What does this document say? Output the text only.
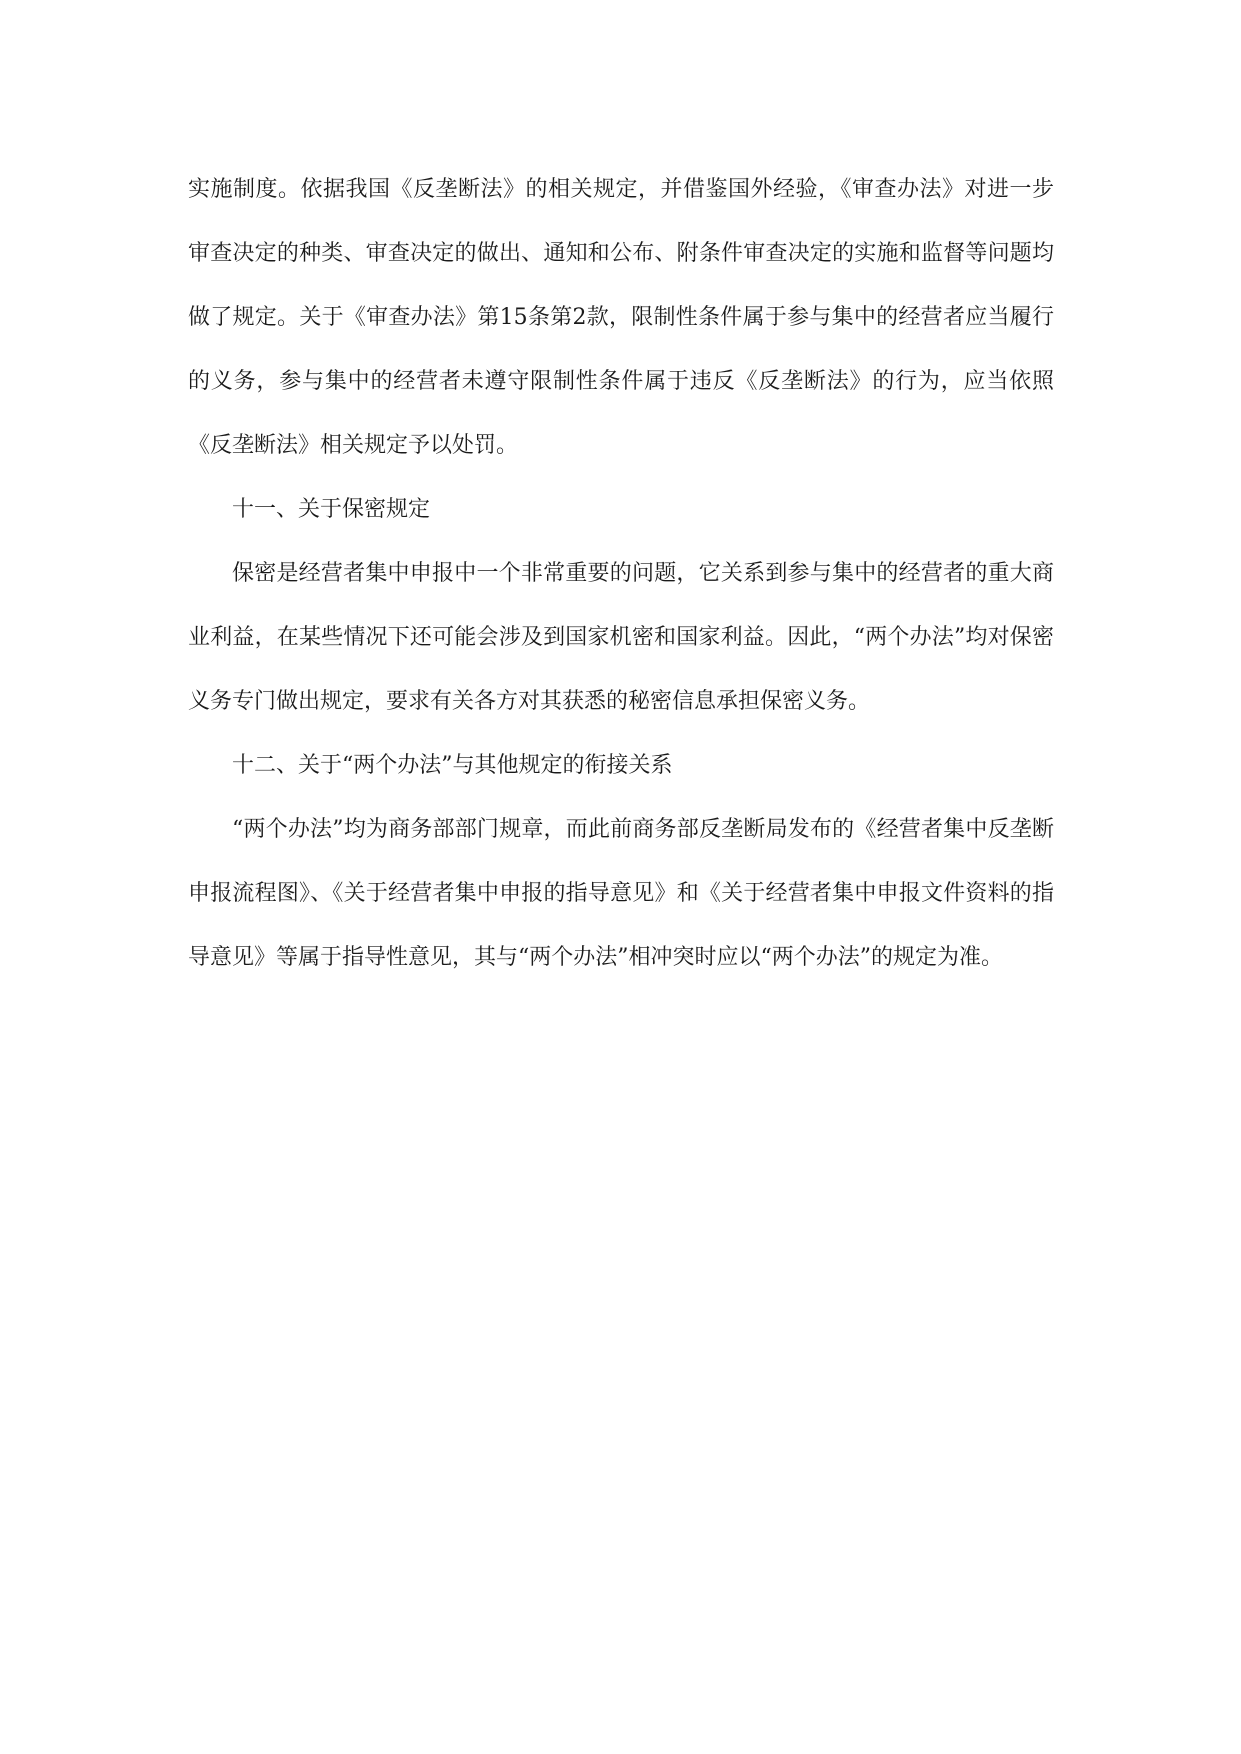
实施制度。依据我国《反垄断法》的相关规定，并借鉴国外经验，《审查办法》对进一步审查决定的种类、审查决定的做出、通知和公布、附条件审查决定的实施和监督等问题均做了规定。关于《审查办法》第15条第2款，限制性条件属于参与集中的经营者应当履行的义务，参与集中的经营者未遵守限制性条件属于违反《反垄断法》的行为，应当依照《反垄断法》相关规定予以处罚。

十一、关于保密规定

保密是经营者集中申报中一个非常重要的问题，它关系到参与集中的经营者的重大商业利益，在某些情况下还可能会涉及到国家机密和国家利益。因此，“两个办法”均对保密义务专门做出规定，要求有关各方对其获悉的秘密信息承担保密义务。

十二、关于“两个办法”与其他规定的衔接关系

“两个办法”均为商务部部门规章，而此前商务部反垄断局发布的《经营者集中反垄断申报流程图》、《关于经营者集中申报的指导意见》和《关于经营者集中申报文件资料的指导意见》等属于指导性意见，其与“两个办法”相冲突时应以“两个办法”的规定为准。
